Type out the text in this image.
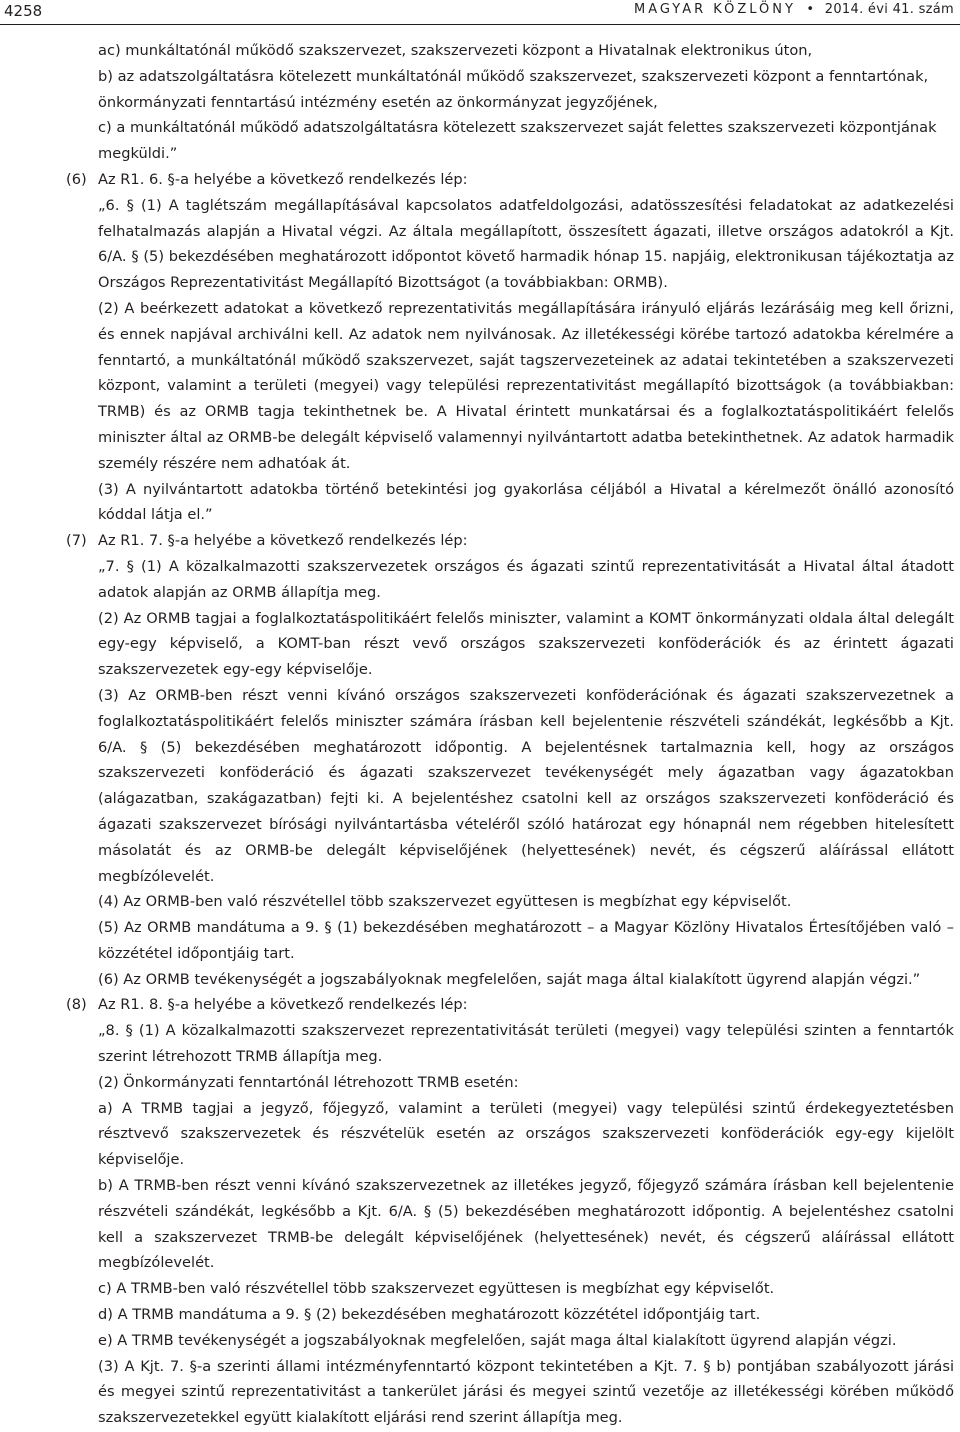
4258	MAGYAR KÖZLÖNY • 2014. évi 41. szám

ac) munkáltatónál működő szakszervezet, szakszervezeti központ a Hivatalnak elektronikus úton,

b) az adatszolgáltatásra kötelezett munkáltatónál működő szakszervezet, szakszervezeti központ a fenntartónak, önkormányzati fenntartású intézmény esetén az önkormányzat jegyzőjének,

c) a munkáltatónál működő adatszolgáltatásra kötelezett szakszervezet saját felettes szakszervezeti központjának megküldi.”

(6) Az R1. 6. §-a helyébe a következő rendelkezés lép:

„6. § (1) A taglétszám megállapításával kapcsolatos adatfeldolgozási, adatösszesítési feladatokat az adatkezelési felhatalmazás alapján a Hivatal végzi. Az általa megállapított, összesített ágazati, illetve országos adatokról a Kjt. 6/A. § (5) bekezdésében meghatározott időpontot követő harmadik hónap 15. napjáig, elektronikusan tájékoztatja az Országos Reprezentativitást Megállapító Bizottságot (a továbbiakban: ORMB).

(2) A beérkezett adatokat a következő reprezentativitás megállapítására irányuló eljárás lezárásáig meg kell őrizni, és ennek napjával archiválni kell. Az adatok nem nyilvánosak. Az illetékességi körébe tartozó adatokba kérelmére a fenntartó, a munkáltatónál működő szakszervezet, saját tagszervezeteinek az adatai tekintetében a szakszervezeti központ, valamint a területi (megyei) vagy települési reprezentativitást megállapító bizottságok (a továbbiakban: TRMB) és az ORMB tagja tekinthetnek be. A Hivatal érintett munkatársai és a foglalkoztatáspolitikáért felelős miniszter által az ORMB-be delegált képviselő valamennyi nyilvántartott adatba betekinthetnek. Az adatok harmadik személy részére nem adhatóak át.

(3) A nyilvántartott adatokba történő betekintési jog gyakorlása céljából a Hivatal a kérelmezőt önálló azonosító kóddal látja el.”

(7) Az R1. 7. §-a helyébe a következő rendelkezés lép:

„7. § (1) A közalkalmazotti szakszervezetek országos és ágazati szintű reprezentativitását a Hivatal által átadott adatok alapján az ORMB állapítja meg.

(2) Az ORMB tagjai a foglalkoztatáspolitikáért felelős miniszter, valamint a KOMT önkormányzati oldala által delegált egy-egy képviselő, a KOMT-ban részt vevő országos szakszervezeti konföderációk és az érintett ágazati szakszervezetek egy-egy képviselője.

(3) Az ORMB-ben részt venni kívánó országos szakszervezeti konföderációnak és ágazati szakszervezetnek a foglalkoztatáspolitikáért felelős miniszter számára írásban kell bejelentenie részvételi szándékát, legkésőbb a Kjt. 6/A. § (5) bekezdésében meghatározott időpontig. A bejelentésnek tartalmaznia kell, hogy az országos szakszervezeti konföderáció és ágazati szakszervezet tevékenységét mely ágazatban vagy ágazatokban (alágazatban, szakágazatban) fejti ki. A bejelentéshez csatolni kell az országos szakszervezeti konföderáció és ágazati szakszervezet bírósági nyilvántartásba vételéről szóló határozat egy hónapnál nem régebben hitelesített másolatát és az ORMB-be delegált képviselőjének (helyettesének) nevét, és cégszerű aláírással ellátott megbízólevelét.

(4) Az ORMB-ben való részvétellel több szakszervezet együttesen is megbízhat egy képviselőt.

(5) Az ORMB mandátuma a 9. § (1) bekezdésében meghatározott – a Magyar Közlöny Hivatalos Értesítőjében való – közzététel időpontjáig tart.

(6) Az ORMB tevékenységét a jogszabályoknak megfelelően, saját maga által kialakított ügyrend alapján végzi.”

(8) Az R1. 8. §-a helyébe a következő rendelkezés lép:

„8. § (1) A közalkalmazotti szakszervezet reprezentativitását területi (megyei) vagy települési szinten a fenntartók szerint létrehozott TRMB állapítja meg.

(2) Önkormányzati fenntartónál létrehozott TRMB esetén:

a) A TRMB tagjai a jegyző, főjegyző, valamint a területi (megyei) vagy települési szintű érdekegyeztetésben résztvevő szakszervezetek és részvételük esetén az országos szakszervezeti konföderációk egy-egy kijelölt képviselője.

b) A TRMB-ben részt venni kívánó szakszervezetnek az illetékes jegyző, főjegyző számára írásban kell bejelentenie részvételi szándékát, legkésőbb a Kjt. 6/A. § (5) bekezdésében meghatározott időpontig. A bejelentéshez csatolni kell a szakszervezet TRMB-be delegált képviselőjének (helyettesének) nevét, és cégszerű aláírással ellátott megbízólevelét.

c) A TRMB-ben való részvétellel több szakszervezet együttesen is megbízhat egy képviselőt.

d) A TRMB mandátuma a 9. § (2) bekezdésében meghatározott közzététel időpontjáig tart.

e) A TRMB tevékenységét a jogszabályoknak megfelelően, saját maga által kialakított ügyrend alapján végzi.

(3) A Kjt. 7. §-a szerinti állami intézményfenntartó központ tekintetében a Kjt. 7. § b) pontjában szabályozott járási és megyei szintű reprezentativitást a tankerület járási és megyei szintű vezetője az illetékességi körében működő szakszervezetekkel együtt kialakított eljárási rend szerint állapítja meg.
